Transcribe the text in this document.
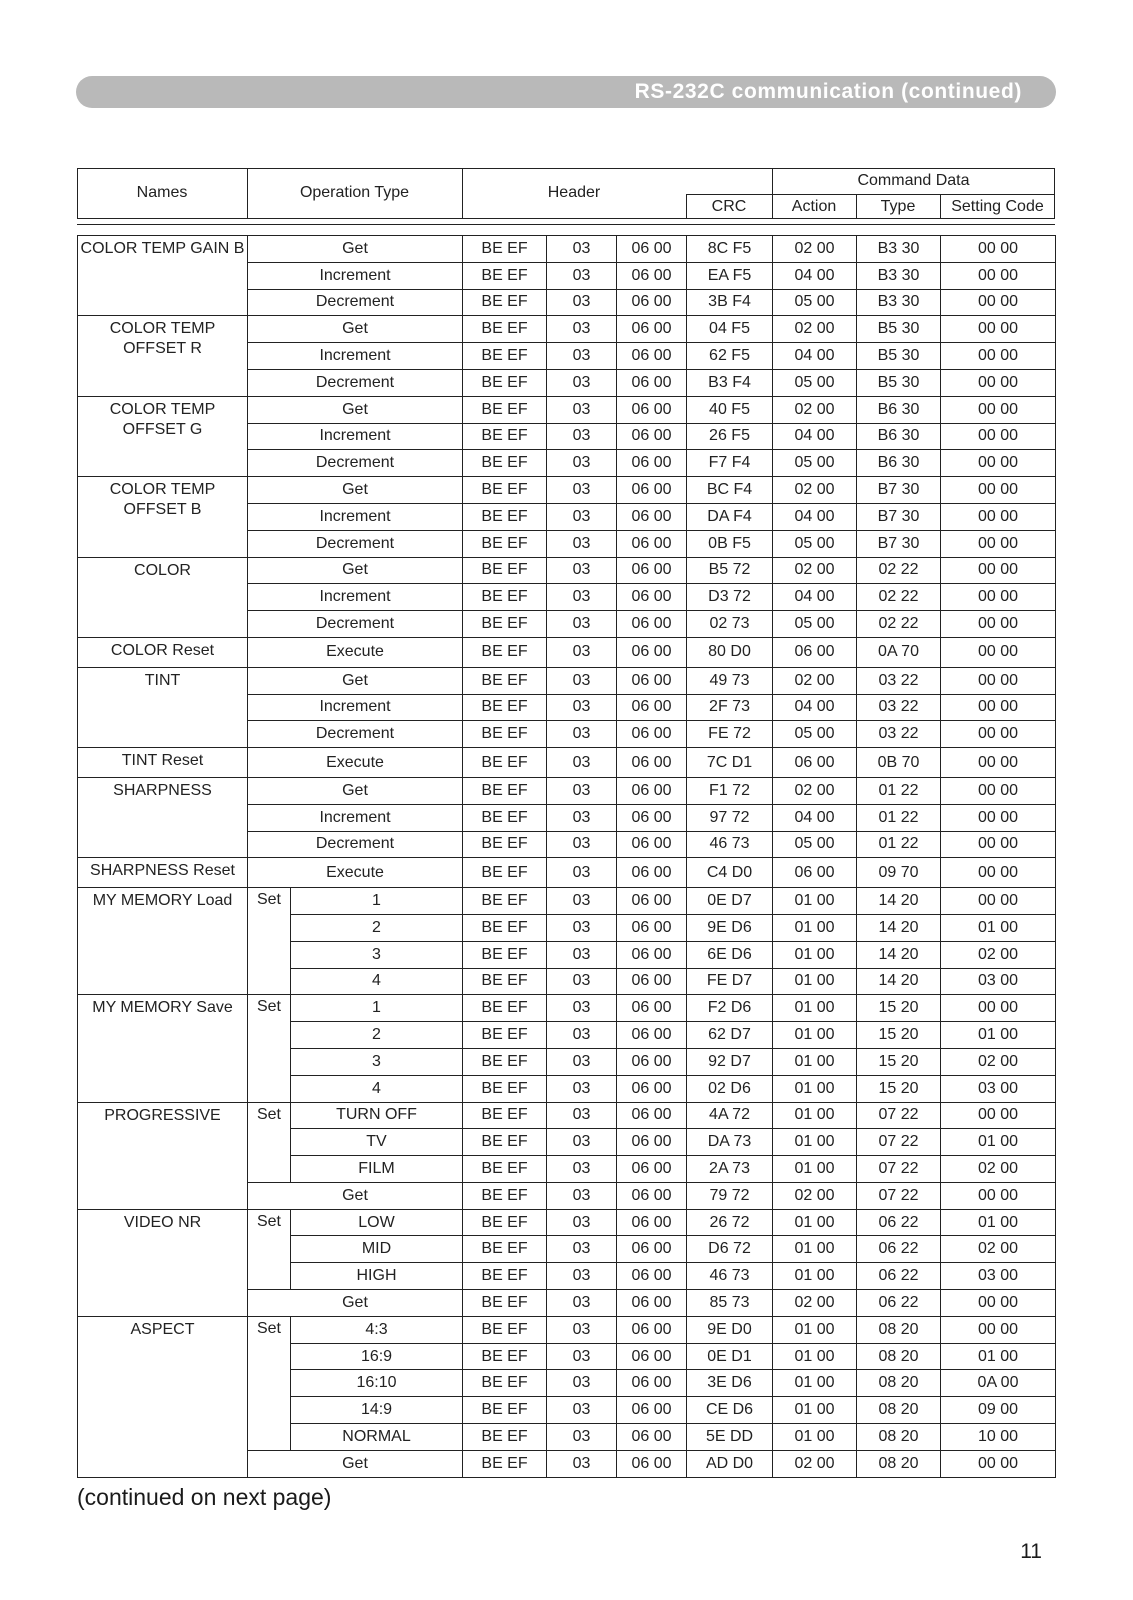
RS-232C communication (continued)
Names	Operation Type	Header
CRC
Command Data
Action	Type	Setting Code
COLOR TEMP GAIN B	Get		BE EF	03	06 00	8C F5	02 00	B3 30	00 00
	Increment		BE EF	03	06 00	EA F5	04 00	B3 30	00 00
	Decrement		BE EF	03	06 00	3B F4	05 00	B3 30	00 00
COLOR TEMP OFFSET R	Get		BE EF	03	06 00	04 F5	02 00	B5 30	00 00
	Increment		BE EF	03	06 00	62 F5	04 00	B5 30	00 00
	Decrement		BE EF	03	06 00	B3 F4	05 00	B5 30	00 00
COLOR TEMP OFFSET G	Get		BE EF	03	06 00	40 F5	02 00	B6 30	00 00
	Increment		BE EF	03	06 00	26 F5	04 00	B6 30	00 00
	Decrement		BE EF	03	06 00	F7 F4	05 00	B6 30	00 00
COLOR TEMP OFFSET B	Get		BE EF	03	06 00	BC F4	02 00	B7 30	00 00
	Increment		BE EF	03	06 00	DA F4	04 00	B7 30	00 00
	Decrement		BE EF	03	06 00	0B F5	05 00	B7 30	00 00
COLOR	Get		BE EF	03	06 00	B5 72	02 00	02 22	00 00
	Increment		BE EF	03	06 00	D3 72	04 00	02 22	00 00
	Decrement		BE EF	03	06 00	02 73	05 00	02 22	00 00
COLOR Reset	Execute		BE EF	03	06 00	80 D0	06 00	0A 70	00 00
TINT	Get		BE EF	03	06 00	49 73	02 00	03 22	00 00
	Increment		BE EF	03	06 00	2F 73	04 00	03 22	00 00
	Decrement		BE EF	03	06 00	FE 72	05 00	03 22	00 00
TINT Reset	Execute		BE EF	03	06 00	7C D1	06 00	0B 70	00 00
SHARPNESS	Get		BE EF	03	06 00	F1 72	02 00	01 22	00 00
	Increment		BE EF	03	06 00	97 72	04 00	01 22	00 00
	Decrement		BE EF	03	06 00	46 73	05 00	01 22	00 00
SHARPNESS Reset	Execute		BE EF	03	06 00	C4 D0	06 00	09 70	00 00
MY MEMORY Load	Set	1	BE EF	03	06 00	0E D7	01 00	14 20	00 00
		2	BE EF	03	06 00	9E D6	01 00	14 20	01 00
		3	BE EF	03	06 00	6E D6	01 00	14 20	02 00
		4	BE EF	03	06 00	FE D7	01 00	14 20	03 00
MY MEMORY Save	Set	1	BE EF	03	06 00	F2 D6	01 00	15 20	00 00
		2	BE EF	03	06 00	62 D7	01 00	15 20	01 00
		3	BE EF	03	06 00	92 D7	01 00	15 20	02 00
		4	BE EF	03	06 00	02 D6	01 00	15 20	03 00
PROGRESSIVE	Set	TURN OFF	BE EF	03	06 00	4A 72	01 00	07 22	00 00
		TV	BE EF	03	06 00	DA 73	01 00	07 22	01 00
		FILM	BE EF	03	06 00	2A 73	01 00	07 22	02 00
	Get		BE EF	03	06 00	79 72	02 00	07 22	00 00
VIDEO NR	Set	LOW	BE EF	03	06 00	26 72	01 00	06 22	01 00
		MID	BE EF	03	06 00	D6 72	01 00	06 22	02 00
		HIGH	BE EF	03	06 00	46 73	01 00	06 22	03 00
	Get		BE EF	03	06 00	85 73	02 00	06 22	00 00
ASPECT	Set	4:3	BE EF	03	06 00	9E D0	01 00	08 20	00 00
		16:9	BE EF	03	06 00	0E D1	01 00	08 20	01 00
		16:10	BE EF	03	06 00	3E D6	01 00	08 20	0A 00
		14:9	BE EF	03	06 00	CE D6	01 00	08 20	09 00
		NORMAL	BE EF	03	06 00	5E DD	01 00	08 20	10 00
	Get		BE EF	03	06 00	AD D0	02 00	08 20	00 00
(continued on next page)
11
